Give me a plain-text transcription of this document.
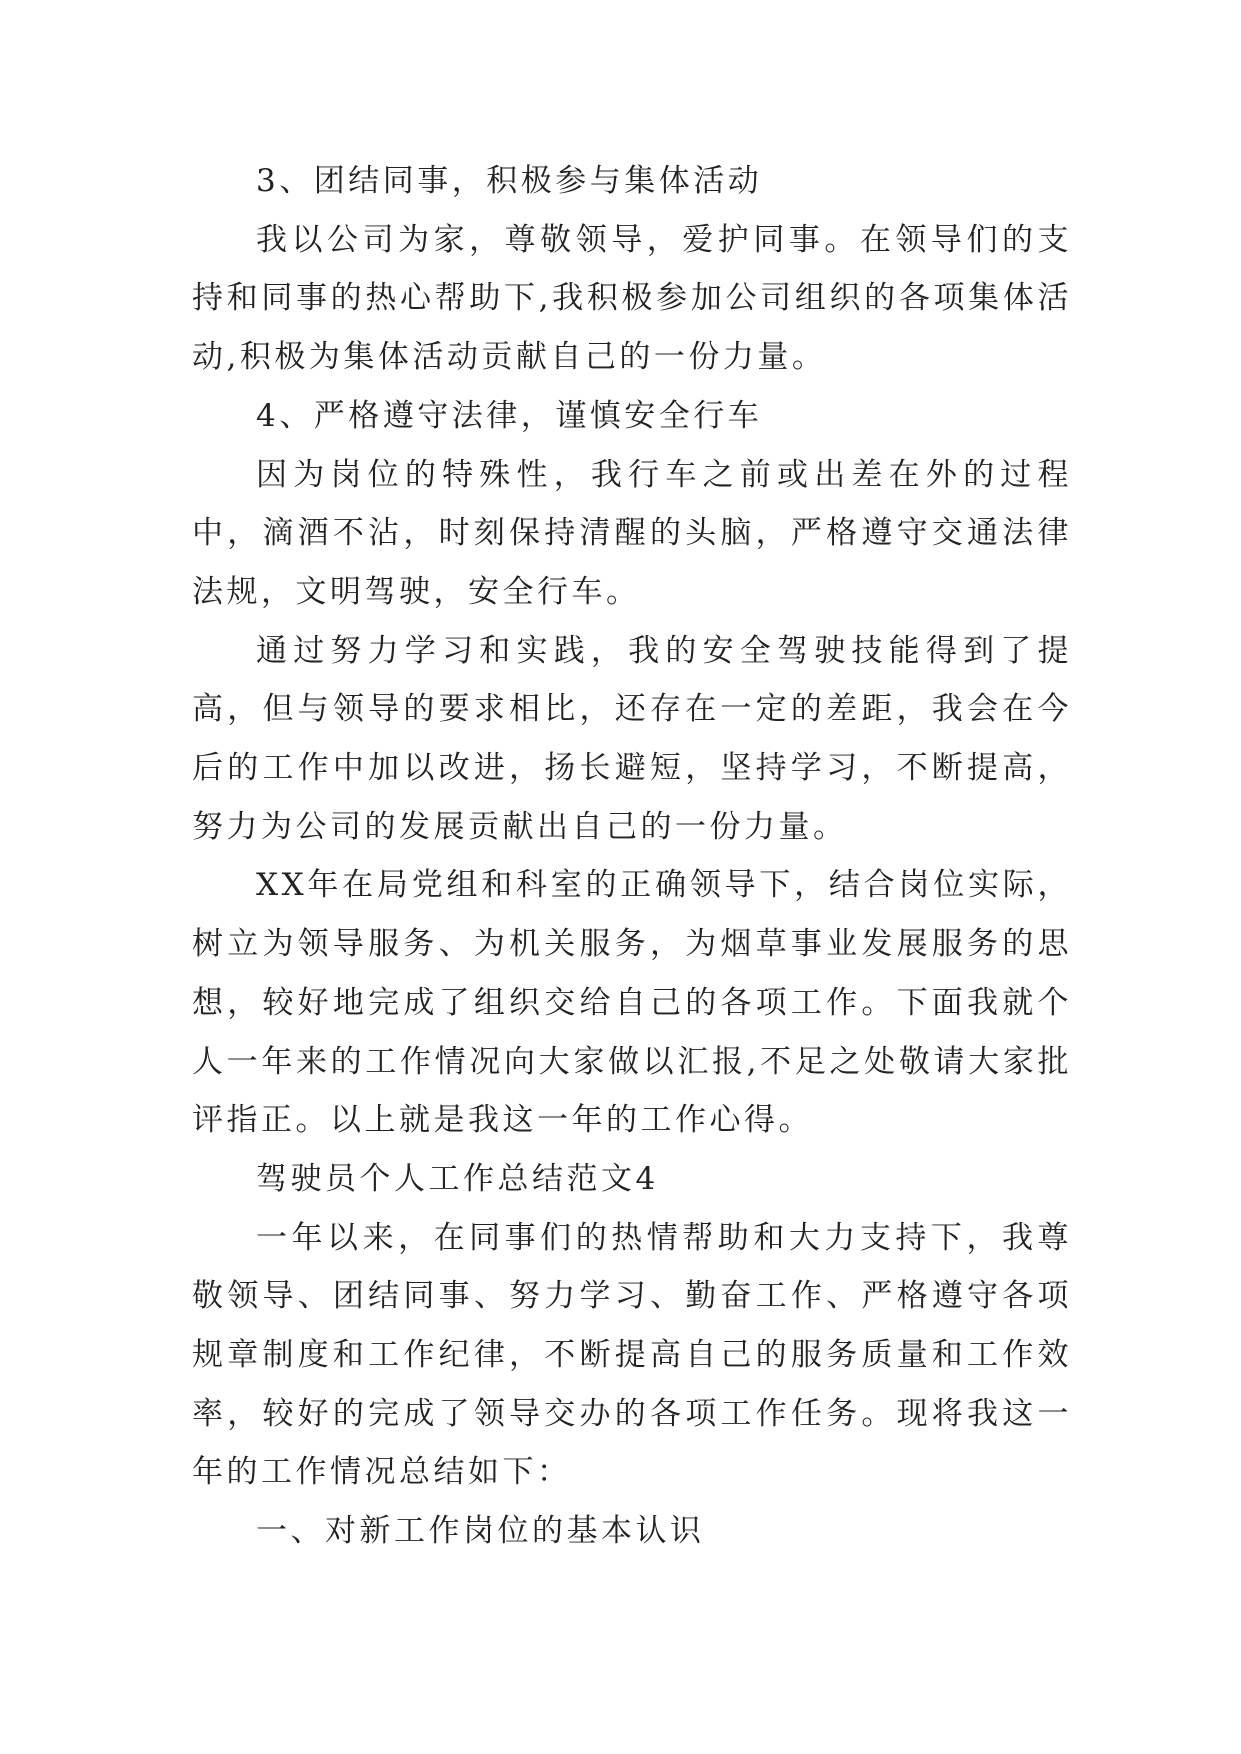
3、团结同事，积极参与集体活动

我以公司为家，尊敬领导，爱护同事。在领导们的支持和同事的热心帮助下,我积极参加公司组织的各项集体活动,积极为集体活动贡献自己的一份力量。

4、严格遵守法律，谨慎安全行车

因为岗位的特殊性，我行车之前或出差在外的过程中，滴酒不沾，时刻保持清醒的头脑，严格遵守交通法律法规，文明驾驶，安全行车。

通过努力学习和实践，我的安全驾驶技能得到了提高，但与领导的要求相比，还存在一定的差距，我会在今后的工作中加以改进，扬长避短，坚持学习，不断提高，努力为公司的发展贡献出自己的一份力量。

XX年在局党组和科室的正确领导下，结合岗位实际，树立为领导服务、为机关服务，为烟草事业发展服务的思想，较好地完成了组织交给自己的各项工作。下面我就个人一年来的工作情况向大家做以汇报,不足之处敬请大家批评指正。以上就是我这一年的工作心得。

驾驶员个人工作总结范文4

一年以来，在同事们的热情帮助和大力支持下，我尊敬领导、团结同事、努力学习、勤奋工作、严格遵守各项规章制度和工作纪律，不断提高自己的服务质量和工作效率，较好的完成了领导交办的各项工作任务。现将我这一年的工作情况总结如下：

一、对新工作岗位的基本认识
